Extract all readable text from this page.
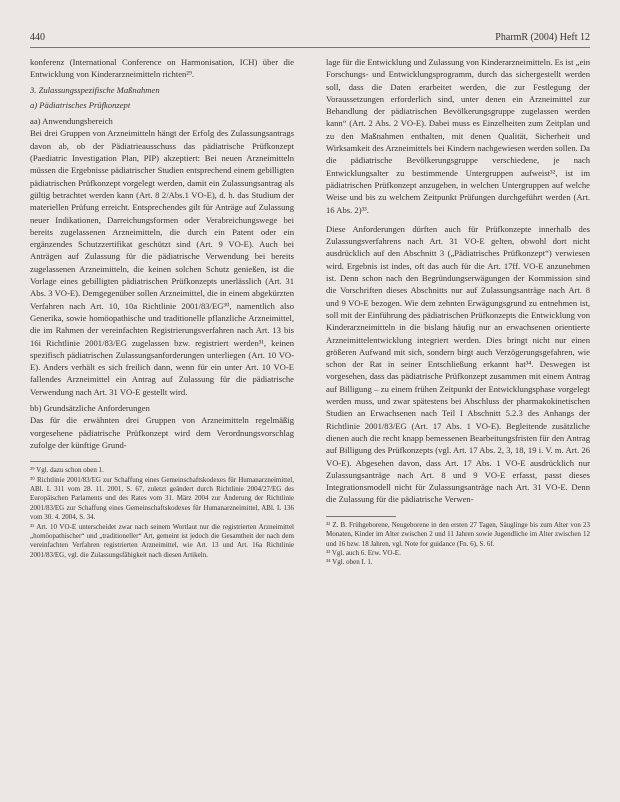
440	PharmR (2004) Heft 12

konferenz (International Conference on Harmonisation, ICH) über die Entwicklung von Kinderarzneimitteln richten²⁹.

3. Zulassungsspezifische Maßnahmen

a) Pädiatrisches Prüfkonzept

aa) Anwendungsbereich

Bei drei Gruppen von Arzneimitteln hängt der Erfolg des Zulassungsantrags davon ab, ob der Pädiatrieausschuss das pädiatrische Prüfkonzept (Paediatric Investigation Plan, PIP) akzeptiert: Bei neuen Arzneimitteln müssen die Ergebnisse pädiatrischer Studien entsprechend einem gebilligten pädiatrischen Prüfkonzept vorgelegt werden, damit ein Zulassungsantrag als gültig betrachtet werden kann (Art. 8 2/Abs.1 VO-E), d. h. das Studium der materiellen Prüfung erreicht. Entsprechendes gilt für Anträge auf Zulassung neuer Indikationen, Darreichungsformen oder Verabreichungswege bei bereits zugelassenen Arzneimitteln, die durch ein Patent oder ein ergänzendes Schutzzertifikat geschützt sind (Art. 9 VO-E). Auch bei Anträgen auf Zulassung für die pädiatrische Verwendung bei bereits zugelassenen Arzneimitteln, die keinen solchen Schutz genießen, ist die Vorlage eines gebilligten pädiatrischen Prüfkonzepts unerlässlich (Art. 31 Abs. 3 VO-E). Demgegenüber sollen Arzneimittel, die in einem abgekürzten Verfahren nach Art. 10, 10a Richtlinie 2001/83/EG³⁰, namentlich also Generika, sowie homöopathische und traditionelle pflanzliche Arzneimittel, die im Rahmen der vereinfachten Registrierungsverfahren nach Art. 13 bis 16i Richtlinie 2001/83/EG zugelassen bzw. registriert werden³¹, keinen spezifisch pädiatrischen Zulassungsanforderungen unterliegen (Art. 10 VO-E). Anders verhält es sich freilich dann, wenn für ein unter Art. 10 VO-E fallendes Arzneimittel ein Antrag auf Zulassung für die pädiatrische Verwendung nach Art. 31 VO-E gestellt wird.

bb) Grundsätzliche Anforderungen

Das für die erwähnten drei Gruppen von Arzneimitteln regelmäßig vorgesehene pädiatrische Prüfkonzept wird dem Verordnungsvorschlag zufolge der künftige Grund-

²⁹ Vgl. dazu schon oben 1.

³⁰ Richtlinie 2001/83/EG zur Schaffung eines Gemeinschaftskodexes für Humanarzneimittel, ABl. L 311 vom 28. 11. 2001, S. 67, zuletzt geändert durch Richtlinie 2004/27/EG des Europäischen Parlaments und des Rates vom 31. März 2004 zur Änderung der Richtlinie 2001/83/EG zur Schaffung eines Gemeinschaftskodexes für Humanarzneimittel, ABl. L 136 vom 30. 4. 2004, S. 34.

³¹ Art. 10 VO-E unterscheidet zwar nach seinem Wortlaut nur die registrierten Arzneimittel „homöopathischer“ und „traditioneller“ Art, gemeint ist jedoch die Gesamtheit der nach dem vereinfachten Verfahren registrierten Arzneimittel, wie Art. 13 und Art. 16a Richtlinie 2001/83/EG, vgl. die Zulassungsfähigkeit nach diesen Artikeln.

lage für die Entwicklung und Zulassung von Kinderarzneimitteln. Es ist „ein Forschungs- und Entwicklungsprogramm, durch das sichergestellt werden soll, dass die Daten erarbeitet werden, die zur Festlegung der Voraussetzungen erforderlich sind, unter denen ein Arzneimittel zur Behandlung der pädiatrischen Bevölkerungsgruppe zugelassen werden kann“ (Art. 2 Abs. 2 VO-E). Dabei muss es Einzelheiten zum Zeitplan und zu den Maßnahmen enthalten, mit denen Qualität, Sicherheit und Wirksamkeit des Arzneimittels bei Kindern nachgewiesen werden sollen. Da die pädiatrische Bevölkerungsgruppe verschiedene, je nach Entwicklungsalter zu bestimmende Untergruppen aufweist³², ist im pädiatrischen Prüfkonzept anzugeben, in welchen Untergruppen auf welche Weise und bis zu welchem Zeitpunkt Prüfungen durchgeführt werden (Art. 16 Abs. 2)³³.

Diese Anforderungen dürften auch für Prüfkonzepte innerhalb des Zulassungsverfahrens nach Art. 31 VO-E gelten, obwohl dort nicht ausdrücklich auf den Abschnitt 3 („Pädiatrisches Prüfkonzept“) verwiesen wird. Ergebnis ist indes, oft das auch für die Art. 17ff. VO-E anzunehmen ist. Denn schon nach den Begründungserwägungen der Kommission sind die Vorschriften dieses Abschnitts nur auf Zulassungsanträge nach Art. 8 und 9 VO-E bezogen. Wie dem zehnten Erwägungsgrund zu entnehmen ist, soll mit der Einführung des pädiatrischen Prüfkonzepts die Entwicklung von Kinderarzneimitteln in die bislang häufig nur an erwachsenen orientierte Arzneimittelentwicklung integriert werden. Dies bringt nicht nur einen größeren Aufwand mit sich, sondern birgt auch Verzögerungsgefahren, wie schon der Rat in seiner Entschließung erkannt hat³⁴. Deswegen ist vorgesehen, dass das pädiatrische Prüfkonzept zusammen mit einem Antrag auf Billigung – zu einem frühen Zeitpunkt der Entwicklungsphase vorgelegt werden muss, und zwar spätestens bei Abschluss der pharmakokinetischen Studien an Erwachsenen nach Teil I Abschnitt 5.2.3 des Anhangs der Richtlinie 2001/83/EG (Art. 17 Abs. 1 VO-E). Begleitende zusätzliche dienen auch die recht knapp bemessenen Bearbeitungsfristen für den Antrag auf Billigung des Prüfkonzepts (vgl. Art. 17 Abs. 2, 3, 18, 19 i. V. m. Art. 26 VO-E). Abgesehen davon, dass Art. 17 Abs. 1 VO-E ausdrücklich nur Zulassungsanträge nach Art. 8 und 9 VO-E erfasst, passt dieses Integrationsmodell nicht für Zulassungsanträge nach Art. 31 VO-E. Denn die Zulassung für die pädiatrische Verwen-

³² Z. B. Frühgeborene, Neugeborene in den ersten 27 Tagen, Säuglinge bis zum Alter von 23 Monaten, Kinder im Alter zwischen 2 und 11 Jahren sowie Jugendliche im Alter zwischen 12 und 16 bzw. 18 Jahren, vgl. Note for guidance (Fn. 6), S. 6f.

³³ Vgl. auch 6. Erw. VO-E.

³⁴ Vgl. oben I. 1.
